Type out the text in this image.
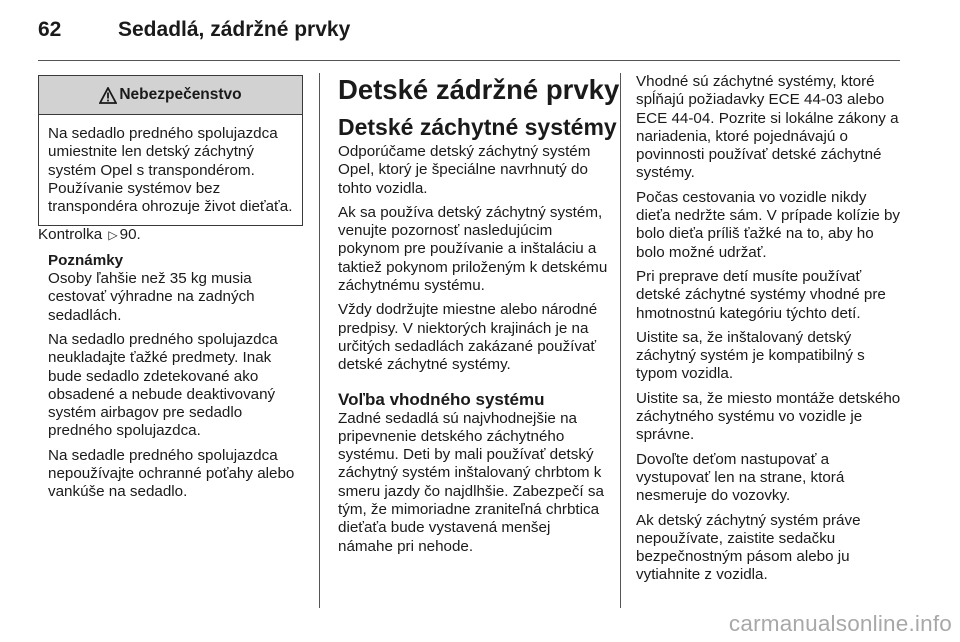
62	Sedadlá, zádržné prvky
Nebezpečenstvo
Na sedadlo predného spolujazdca umiestnite len detský záchytný systém Opel s transpondérom. Používanie systémov bez transpondéra ohrozuje život dieťaťa.

Kontrolka ▷ 90.

Poznámky

Osoby ľahšie než 35 kg musia cestovať výhradne na zadných sedadlách.

Na sedadlo predného spolujazdca neukladajte ťažké predmety. Inak bude sedadlo zdetekované ako obsadené a nebude deaktivovaný systém airbagov pre sedadlo predného spolujazdca.

Na sedadle predného spolujazdca nepoužívajte ochranné poťahy alebo vankúše na sedadlo.

Detské zádržné prvky
Detské záchytné systémy

Odporúčame detský záchytný systém Opel, ktorý je špeciálne navrhnutý do tohto vozidla.

Ak sa používa detský záchytný systém, venujte pozornosť nasledujúcim pokynom pre používanie a inštaláciu a taktiež pokynom priloženým k detskému záchytnému systému.

Vždy dodržujte miestne alebo národné predpisy. V niektorých krajinách je na určitých sedadlách zakázané používať detské záchytné systémy.

Voľba vhodného systému

Zadné sedadlá sú najvhodnejšie na pripevnenie detského záchytného systému. Deti by mali používať detský záchytný systém inštalovaný chrbtom k smeru jazdy čo najdlhšie. Zabezpečí sa tým, že mimoriadne zraniteľná chrbtica dieťaťa bude vystavená menšej námahe pri nehode.

Vhodné sú záchytné systémy, ktoré spĺňajú požiadavky ECE 44-03 alebo ECE 44-04. Pozrite si lokálne zákony a nariadenia, ktoré pojednávajú o povinnosti používať detské záchytné systémy.

Počas cestovania vo vozidle nikdy dieťa nedržte sám. V prípade kolízie by bolo dieťa príliš ťažké na to, aby ho bolo možné udržať.

Pri preprave detí musíte používať detské záchytné systémy vhodné pre hmotnostnú kategóriu týchto detí.

Uistite sa, že inštalovaný detský záchytný systém je kompatibilný s typom vozidla.

Uistite sa, že miesto montáže detského záchytného systému vo vozidle je správne.

Dovoľte deťom nastupovať a vystupovať len na strane, ktorá nesmeruje do vozovky.

Ak detský záchytný systém práve nepoužívate, zaistite sedačku bezpečnostným pásom alebo ju vytiahnite z vozidla.

carmanualsonline.info
